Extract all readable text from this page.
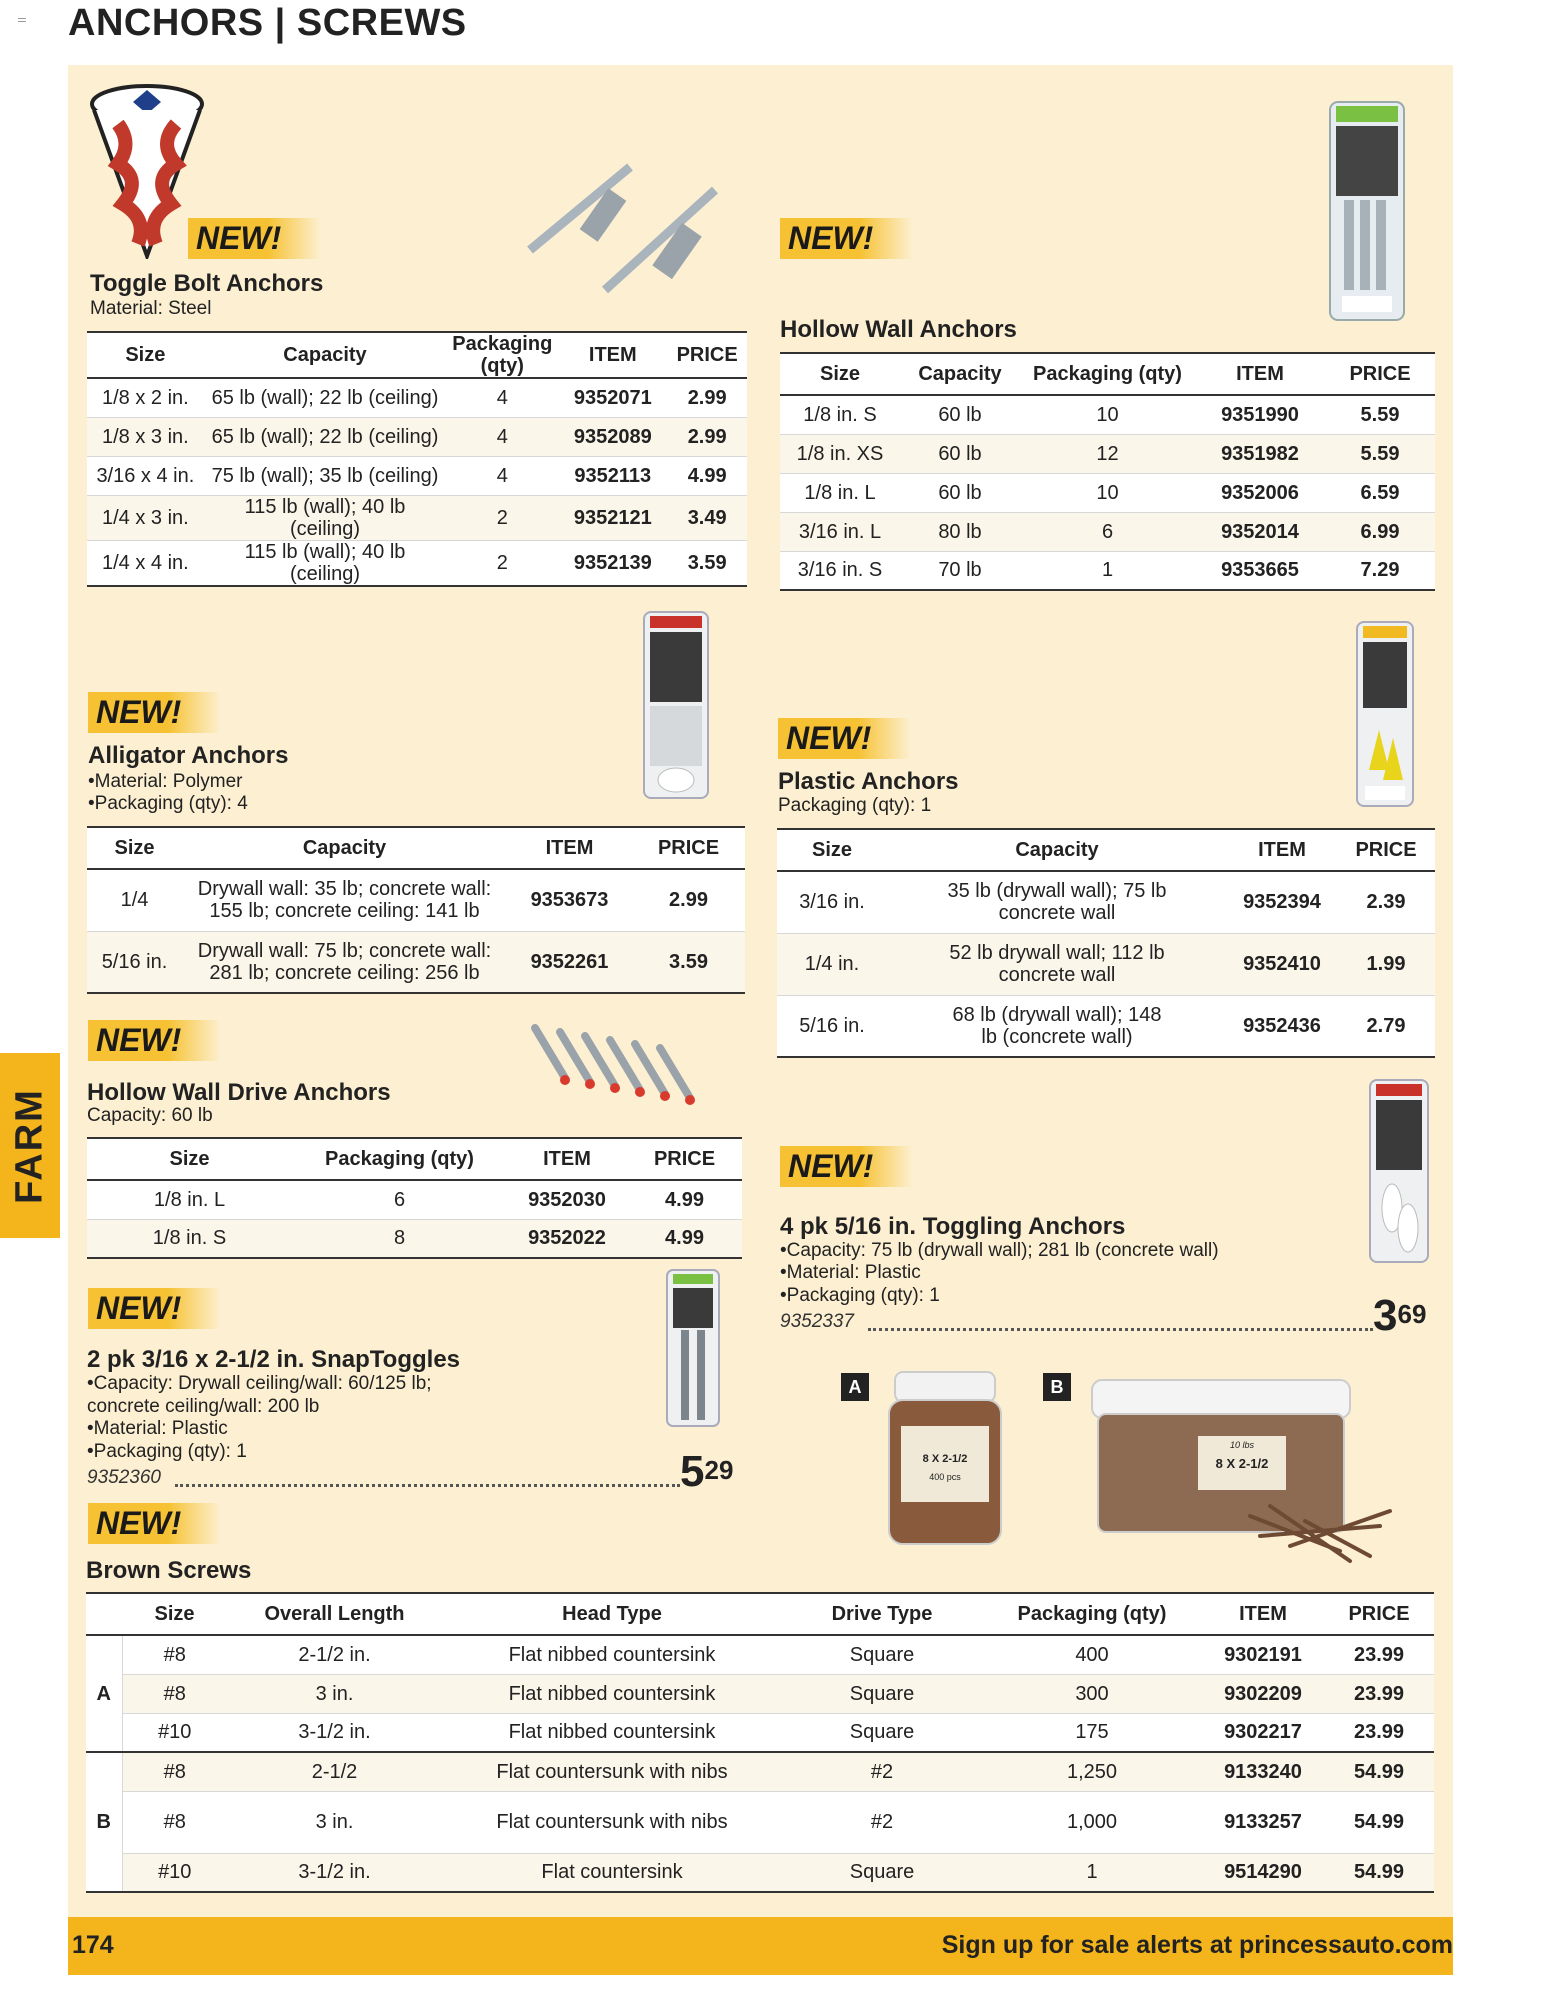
ANCHORS | SCREWS
FARM
NEW!
Toggle Bolt Anchors
Material: Steel
Size	Capacity	Packaging (qty)	ITEM	PRICE
1/8 x 2 in.	65 lb (wall); 22 lb (ceiling)	4	9352071	2.99
1/8 x 3 in.	65 lb (wall); 22 lb (ceiling)	4	9352089	2.99
3/16 x 4 in.	75 lb (wall); 35 lb (ceiling)	4	9352113	4.99
1/4 x 3 in.	115 lb (wall); 40 lb (ceiling)	2	9352121	3.49
1/4 x 4 in.	115 lb (wall); 40 lb (ceiling)	2	9352139	3.59
NEW!
Hollow Wall Anchors
Size	Capacity	Packaging (qty)	ITEM	PRICE
1/8 in. S	60 lb	10	9351990	5.59
1/8 in. XS	60 lb	12	9351982	5.59
1/8 in. L	60 lb	10	9352006	6.59
3/16 in. L	80 lb	6	9352014	6.99
3/16 in. S	70 lb	1	9353665	7.29
NEW!
Alligator Anchors
•Material: Polymer
•Packaging (qty): 4
Size	Capacity	ITEM	PRICE
1/4	Drywall wall: 35 lb; concrete wall: 155 lb; concrete ceiling: 141 lb	9353673	2.99
5/16 in.	Drywall wall: 75 lb; concrete wall: 281 lb; concrete ceiling: 256 lb	9352261	3.59
NEW!
Plastic Anchors
Packaging (qty): 1
Size	Capacity	ITEM	PRICE
3/16 in.	35 lb (drywall wall); 75 lb concrete wall	9352394	2.39
1/4 in.	52 lb drywall wall; 112 lb concrete wall	9352410	1.99
5/16 in.	68 lb (drywall wall); 148 lb (concrete wall)	9352436	2.79
NEW!
Hollow Wall Drive Anchors
Capacity: 60 lb
Size	Packaging (qty)	ITEM	PRICE
1/8 in. L	6	9352030	4.99
1/8 in. S	8	9352022	4.99
NEW!
4 pk 5/16 in. Toggling Anchors
•Capacity: 75 lb (drywall wall); 281 lb (concrete wall)
•Material: Plastic
•Packaging (qty): 1
9352337	$3^{69}$
NEW!
2 pk 3/16 x 2-1/2 in. SnapToggles
•Capacity: Drywall ceiling/wall: 60/125 lb;
concrete ceiling/wall: 200 lb
•Material: Plastic
•Packaging (qty): 1
9352360	$5^{29}$
A
8 X 2-1/2
400 pcs
B
10 lbs
8 X 2-1/2
NEW!
Brown Screws
	Size	Overall Length	Head Type	Drive Type	Packaging (qty)	ITEM	PRICE
A	#8	2-1/2 in.	Flat nibbed countersink	Square	400	9302191	23.99
	#8	3 in.	Flat nibbed countersink	Square	300	9302209	23.99
	#10	3-1/2 in.	Flat nibbed countersink	Square	175	9302217	23.99
B	#8	2-1/2	Flat countersunk with nibs	#2	1,250	9133240	54.99
	#8	3 in.	Flat countersunk with nibs	#2	1,000	9133257	54.99
	#10	3-1/2 in.	Flat countersink	Square	1	9514290	54.99
174	Sign up for sale alerts at princessauto.com
